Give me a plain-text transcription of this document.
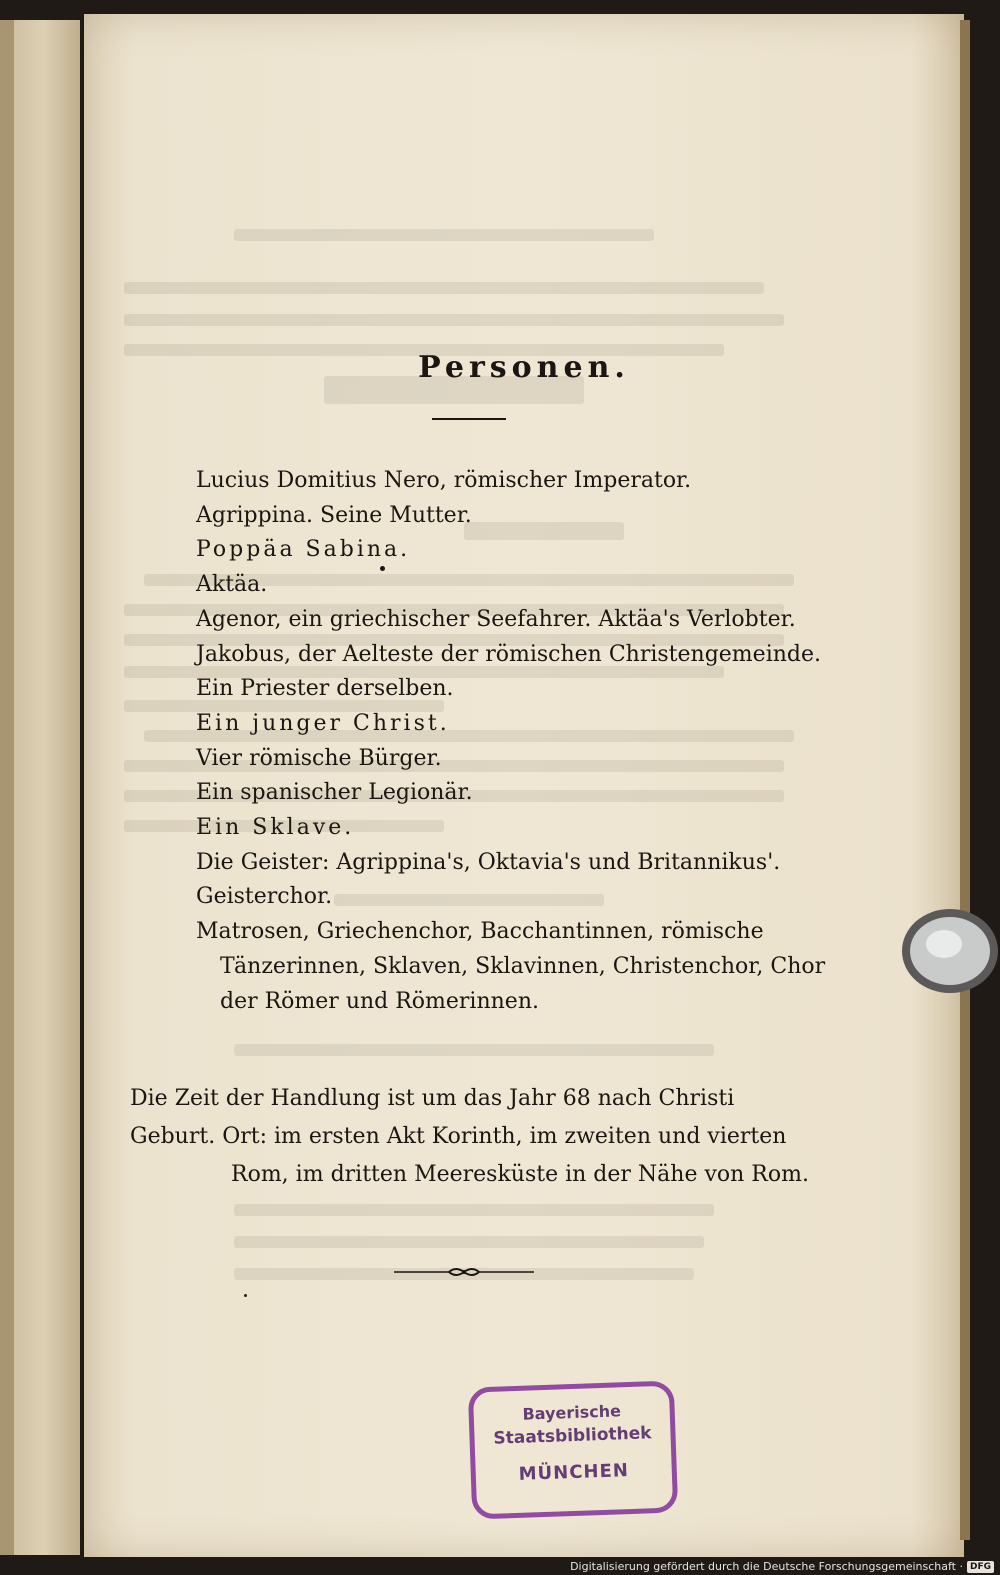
Personen.
Lucius Domitius Nero, römischer Imperator.
Agrippina. Seine Mutter.
Poppäa Sabina.
Aktäa.
Agenor, ein griechischer Seefahrer. Aktäa's Verlobter.
Jakobus, der Aelteste der römischen Christengemeinde.
Ein Priester derselben.
Ein junger Christ.
Vier römische Bürger.
Ein spanischer Legionär.
Ein Sklave.
Die Geister: Agrippina's, Oktavia's und Britannikus'.
Geisterchor.
Matrosen, Griechenchor, Bacchantinnen, römische Tänzerinnen, Sklaven, Sklavinnen, Christenchor, Chor der Römer und Römerinnen.

Die Zeit der Handlung ist um das Jahr 68 nach Christi
Geburt. Ort: im ersten Akt Korinth, im zweiten und vierten
Rom, im dritten Meeresküste in der Nähe von Rom.

Bayerische
Staatsbibliothek
MÜNCHEN
Digitalisierung gefördert durch die Deutsche Forschungsgemeinschaft · DFG
